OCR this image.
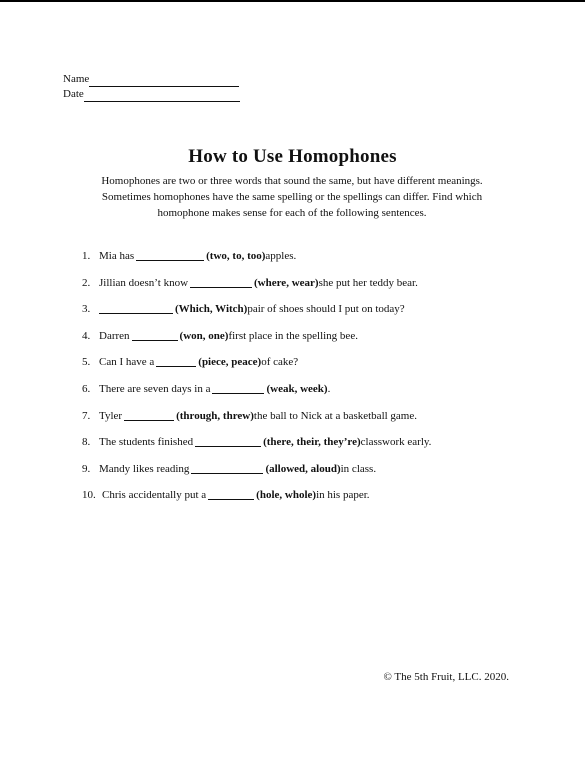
Name
Date
How to Use Homophones
Homophones are two or three words that sound the same, but have different meanings.
Sometimes homophones have the same spelling or the spellings can differ. Find which
homophone makes sense for each of the following sentences.
1. Mia has	(two, to, too) apples.
2. Jillian doesn’t know	(where, wear) she put her teddy bear.
3.	(Which, Witch) pair of shoes should I put on today?
4. Darren	(won, one) first place in the spelling bee.
5. Can I have a	(piece, peace) of cake?
6. There are seven days in a	(weak, week) .
7. Tyler	(through, threw) the ball to Nick at a basketball game.
8. The students finished	(there, their, they’re) classwork early.
9. Mandy likes reading	(allowed, aloud) in class.
10. Chris accidentally put a	(hole, whole) in his paper.
© The 5th Fruit, LLC. 2020.
